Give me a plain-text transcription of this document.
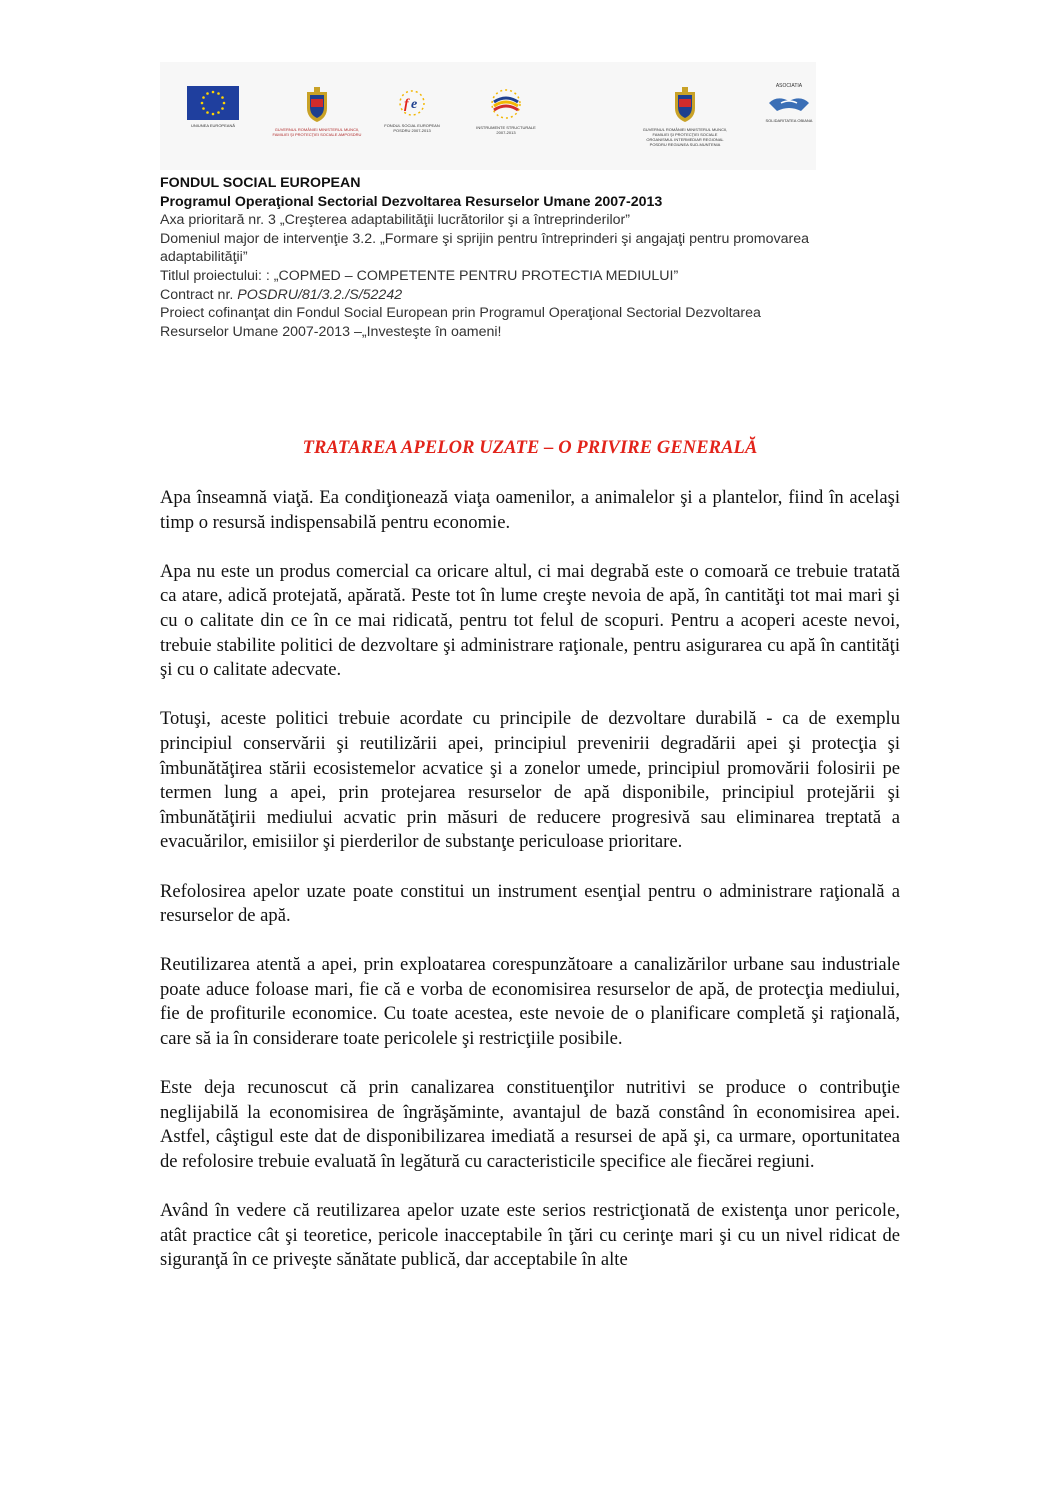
UNIUNEA EUROPEANĂ
GUVERNUL ROMÂNIEI MINISTERUL MUNCII, FAMILIEI ŞI PROTECŢIEI SOCIALE AMPOSDRU
f e
FONDUL SOCIAL EUROPEAN POSDRU 2007-2013
INSTRUMENTE STRUCTURALE 2007-2013
GUVERNUL ROMÂNIEI MINISTERUL MUNCII, FAMILIEI ŞI PROTECŢIEI SOCIALE ORGANISMUL INTERMEDIAR REGIONAL POSDRU REGIUNEA SUD-MUNTENIA
ASOCIATIA
SOLIDARITATEA OBIANA
FONDUL SOCIAL EUROPEAN
Programul Operaţional Sectorial Dezvoltarea Resurselor Umane 2007-2013
Axa prioritară nr. 3 „Creşterea adaptabilităţii lucrătorilor şi a întreprinderilor”
Domeniul major de intervenţie 3.2. „Formare şi sprijin pentru întreprinderi şi angajaţi pentru promovarea
adaptabilităţii”
Titlul proiectului: : „COPMED – COMPETENTE PENTRU PROTECTIA MEDIULUI”
Contract nr. POSDRU/81/3.2./S/52242
Proiect cofinanţat din Fondul Social European prin Programul Operaţional Sectorial Dezvoltarea
Resurselor Umane 2007-2013 –„Investeşte în oameni!
TRATAREA APELOR UZATE – O PRIVIRE GENERALĂ

Apa înseamnă viaţă. Ea condiţionează viaţa oamenilor, a animalelor şi a plantelor, fiind în acelaşi timp o resursă indispensabilă pentru economie.

Apa nu este un produs comercial ca oricare altul, ci mai degrabă este o comoară ce trebuie tratată ca atare, adică protejată, apărată. Peste tot în lume creşte nevoia de apă, în cantităţi tot mai mari şi cu o calitate din ce în ce mai ridicată, pentru tot felul de scopuri. Pentru a acoperi aceste nevoi, trebuie stabilite politici de dezvoltare şi administrare raţionale, pentru asigurarea cu apă în cantităţi şi cu o calitate adecvate.

Totuşi, aceste politici trebuie acordate cu principile de dezvoltare durabilă - ca de exemplu principiul conservării şi reutilizării apei, principiul prevenirii degradării apei şi protecţia şi îmbunătăţirea stării ecosistemelor acvatice şi a zonelor umede, principiul promovării folosirii pe termen lung a apei, prin protejarea resurselor de apă disponibile, principiul protejării şi îmbunătăţirii mediului acvatic prin măsuri de reducere progresivă sau eliminarea treptată a evacuărilor, emisiilor şi pierderilor de substanţe periculoase prioritare.

Refolosirea apelor uzate poate constitui un instrument esenţial pentru o administrare raţională a resurselor de apă.

Reutilizarea atentă a apei, prin exploatarea corespunzătoare a canalizărilor urbane sau industriale poate aduce foloase mari, fie că e vorba de economisirea resurselor de apă, de protecţia mediului, fie de profiturile economice. Cu toate acestea, este nevoie de o planificare completă şi raţională, care să ia în considerare toate pericolele şi restricţiile posibile.

Este deja recunoscut că prin canalizarea constituenţilor nutritivi se produce o contribuţie neglijabilă la economisirea de îngrăşăminte, avantajul de bază constând în economisirea apei. Astfel, câştigul este dat de disponibilizarea imediată a resursei de apă şi, ca urmare, oportunitatea de refolosire trebuie evaluată în legătură cu caracteristicile specifice ale fiecărei regiuni.

Având în vedere că reutilizarea apelor uzate este serios restricţionată de existenţa unor pericole, atât practice cât şi teoretice, pericole inacceptabile în ţări cu cerinţe mari şi cu un nivel ridicat de siguranţă în ce priveşte sănătate publică, dar acceptabile în alte
